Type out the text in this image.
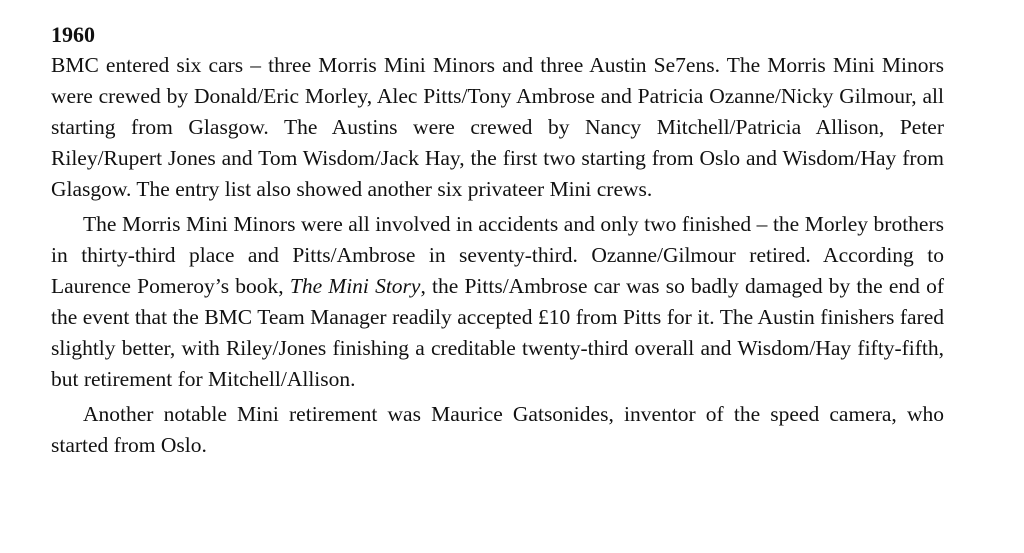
1960

BMC entered six cars – three Morris Mini Minors and three Austin Se7ens. The Morris Mini Minors were crewed by Donald/Eric Morley, Alec Pitts/Tony Ambrose and Patricia Ozanne/Nicky Gilmour, all starting from Glasgow. The Austins were crewed by Nancy Mitchell/Patricia Allison, Peter Riley/Rupert Jones and Tom Wisdom/Jack Hay, the first two starting from Oslo and Wisdom/Hay from Glasgow. The entry list also showed another six privateer Mini crews.

The Morris Mini Minors were all involved in accidents and only two finished – the Morley brothers in thirty-third place and Pitts/Ambrose in seventy-third. Ozanne/Gilmour retired. According to Laurence Pomeroy’s book, The Mini Story, the Pitts/Ambrose car was so badly damaged by the end of the event that the BMC Team Manager readily accepted £10 from Pitts for it. The Austin finishers fared slightly better, with Riley/Jones finishing a creditable twenty-third overall and Wisdom/Hay fifty-fifth, but retirement for Mitchell/Allison.

Another notable Mini retirement was Maurice Gatsonides, inventor of the speed camera, who started from Oslo.
